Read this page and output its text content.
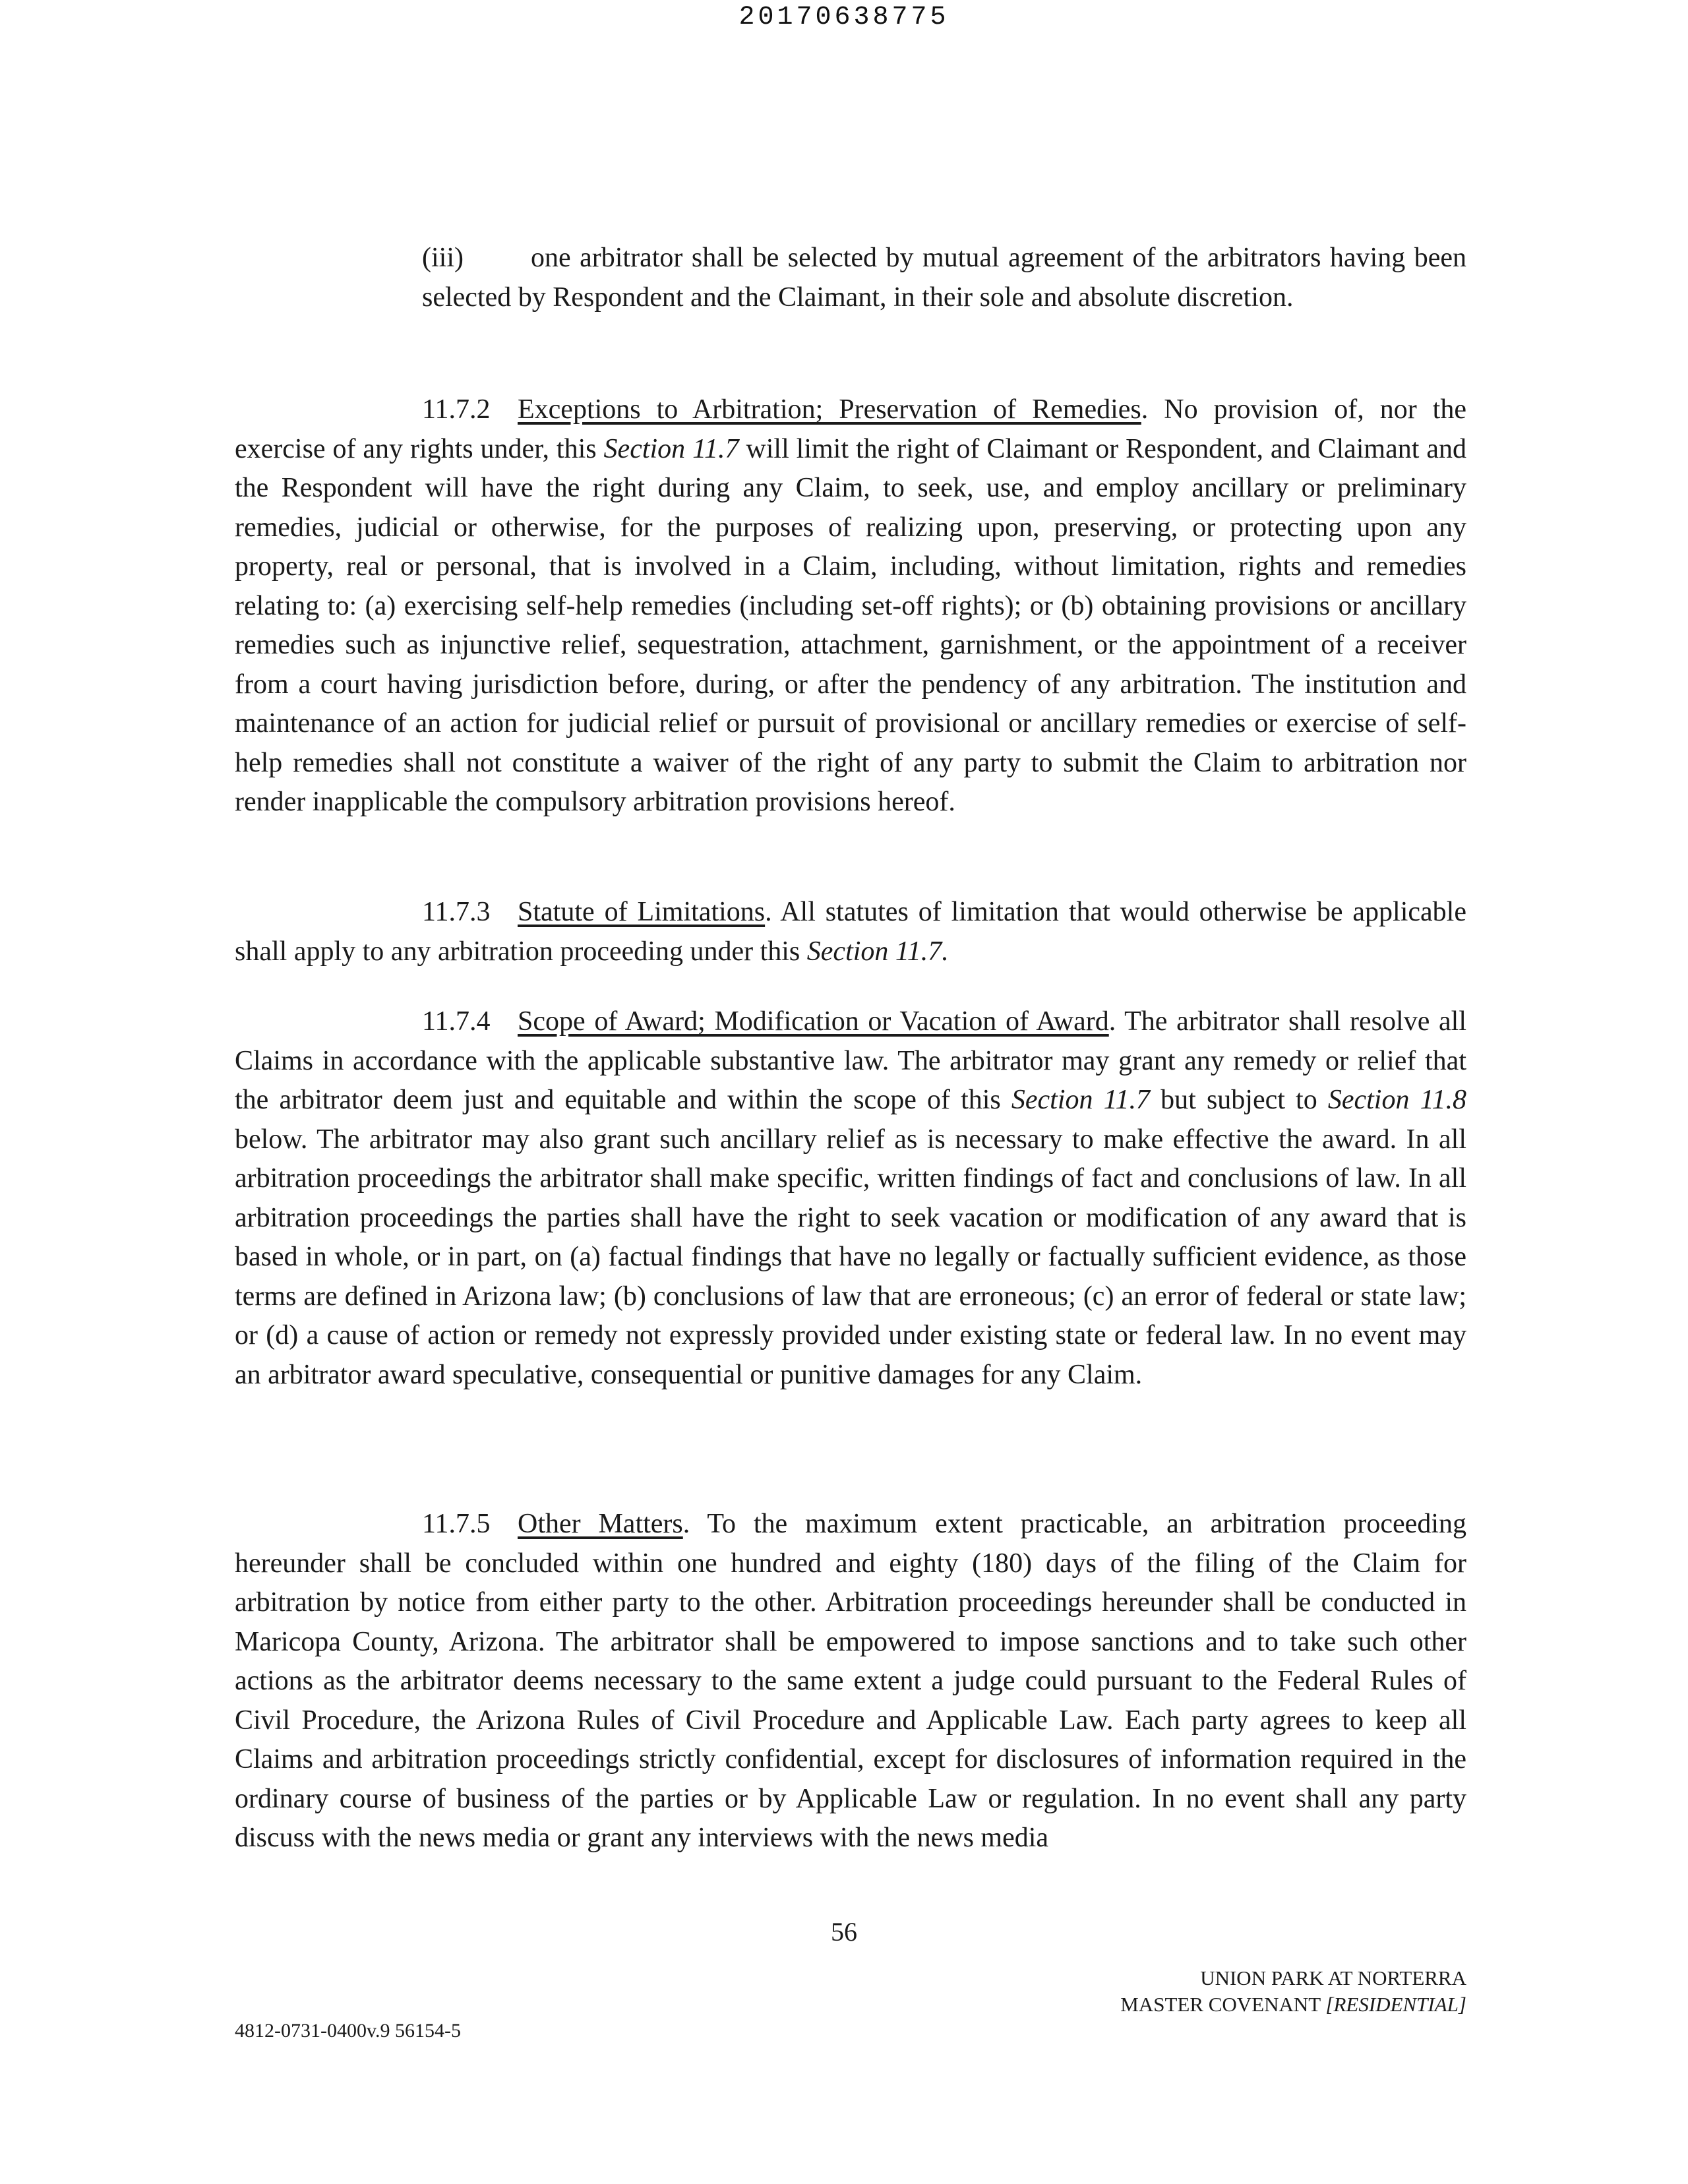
20170638775

(iii) one arbitrator shall be selected by mutual agreement of the arbitrators having been selected by Respondent and the Claimant, in their sole and absolute discretion.

11.7.2 Exceptions to Arbitration; Preservation of Remedies. No provision of, nor the exercise of any rights under, this Section 11.7 will limit the right of Claimant or Respondent, and Claimant and the Respondent will have the right during any Claim, to seek, use, and employ ancillary or preliminary remedies, judicial or otherwise, for the purposes of realizing upon, preserving, or protecting upon any property, real or personal, that is involved in a Claim, including, without limitation, rights and remedies relating to: (a) exercising self-help remedies (including set-off rights); or (b) obtaining provisions or ancillary remedies such as injunctive relief, sequestration, attachment, garnishment, or the appointment of a receiver from a court having jurisdiction before, during, or after the pendency of any arbitration. The institution and maintenance of an action for judicial relief or pursuit of provisional or ancillary remedies or exercise of self-help remedies shall not constitute a waiver of the right of any party to submit the Claim to arbitration nor render inapplicable the compulsory arbitration provisions hereof.

11.7.3 Statute of Limitations. All statutes of limitation that would otherwise be applicable shall apply to any arbitration proceeding under this Section 11.7.

11.7.4 Scope of Award; Modification or Vacation of Award. The arbitrator shall resolve all Claims in accordance with the applicable substantive law. The arbitrator may grant any remedy or relief that the arbitrator deem just and equitable and within the scope of this Section 11.7 but subject to Section 11.8 below. The arbitrator may also grant such ancillary relief as is necessary to make effective the award. In all arbitration proceedings the arbitrator shall make specific, written findings of fact and conclusions of law. In all arbitration proceedings the parties shall have the right to seek vacation or modification of any award that is based in whole, or in part, on (a) factual findings that have no legally or factually sufficient evidence, as those terms are defined in Arizona law; (b) conclusions of law that are erroneous; (c) an error of federal or state law; or (d) a cause of action or remedy not expressly provided under existing state or federal law. In no event may an arbitrator award speculative, consequential or punitive damages for any Claim.

11.7.5 Other Matters. To the maximum extent practicable, an arbitration proceeding hereunder shall be concluded within one hundred and eighty (180) days of the filing of the Claim for arbitration by notice from either party to the other. Arbitration proceedings hereunder shall be conducted in Maricopa County, Arizona. The arbitrator shall be empowered to impose sanctions and to take such other actions as the arbitrator deems necessary to the same extent a judge could pursuant to the Federal Rules of Civil Procedure, the Arizona Rules of Civil Procedure and Applicable Law. Each party agrees to keep all Claims and arbitration proceedings strictly confidential, except for disclosures of information required in the ordinary course of business of the parties or by Applicable Law or regulation. In no event shall any party discuss with the news media or grant any interviews with the news media

56
UNION PARK AT NORTERRA
MASTER COVENANT [RESIDENTIAL]
4812-0731-0400v.9 56154-5
